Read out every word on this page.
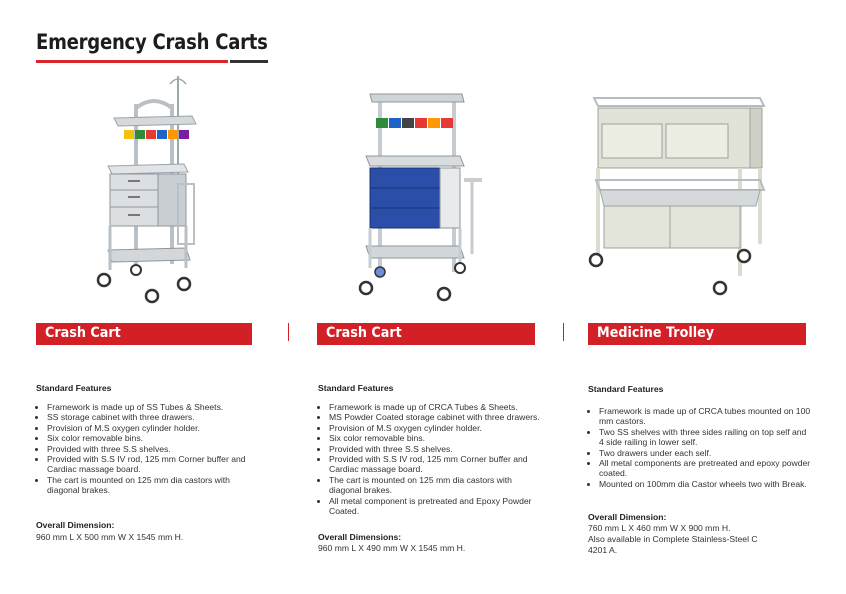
Emergency Crash Carts
Crash Cart	Crash Cart	Medicine Trolley
Standard Features
• Framework is made up of SS Tubes & Sheets.
• SS storage cabinet with three drawers.
• Provision of M.S oxygen cylinder holder.
• Six color removable bins.
• Provided with three S.S shelves.
• Provided with S.S IV rod, 125 mm Corner buffer and Cardiac massage board.
• The cart is mounted on 125 mm dia castors with diagonal brakes.
Overall Dimension:
960 mm L X 500 mm W X 1545 mm H.
Standard Features
• Framework is made up of CRCA Tubes & Sheets.
• MS Powder Coated storage cabinet with three drawers.
• Provision of M.S oxygen cylinder holder.
• Six color removable bins.
• Provided with three S.S shelves.
• Provided with S.S IV rod, 125 mm Corner buffer and Cardiac massage board.
• The cart is mounted on 125 mm dia castors with diagonal brakes.
• All metal component is pretreated and Epoxy Powder Coated.
Overall Dimensions:
960 mm L X 490 mm W X 1545 mm H.
Standard Features
• Framework is made up of CRCA tubes mounted on 100 mm castors.
• Two SS shelves with three sides railing on top self and 4 side railing in lower self.
• Two drawers under each self.
• All metal components are pretreated and epoxy powder coated.
• Mounted on 100mm dia Castor wheels two with Break.
Overall Dimension:
760 mm L X 460 mm W X 900 mm H.
Also available in Complete Stainless-Steel C
4201 A.
